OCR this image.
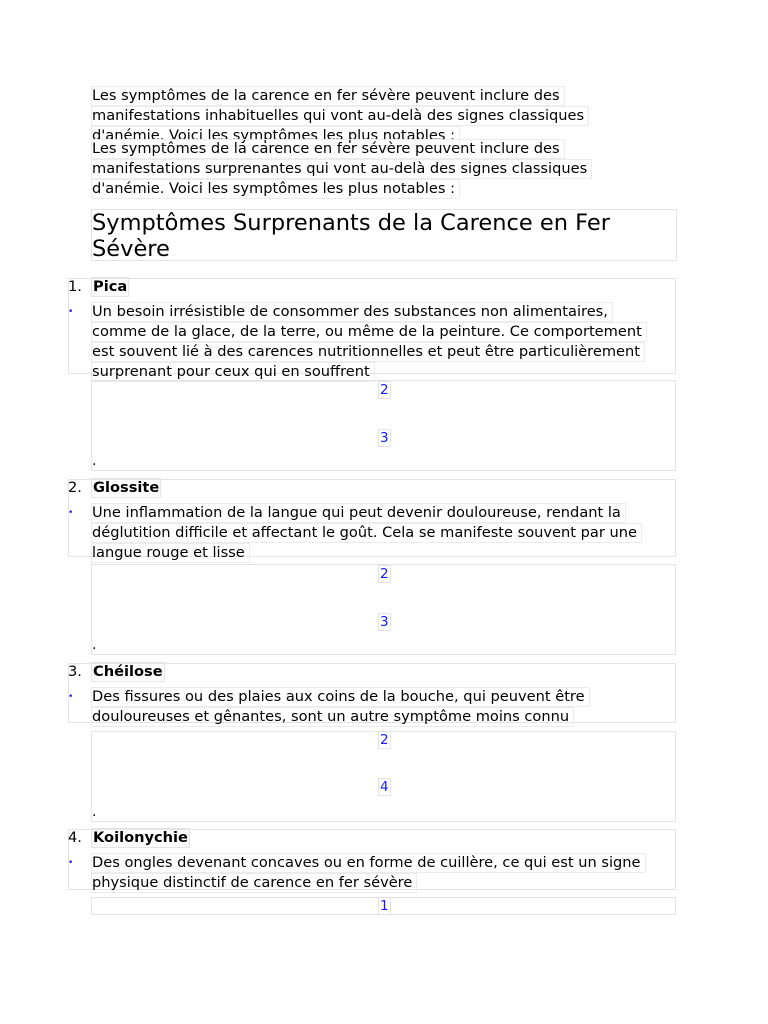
Les symptômes de la carence en fer sévère peuvent inclure des
manifestations inhabituelles qui vont au-delà des signes classiques
d'anémie. Voici les symptômes les plus notables :
Les symptômes de la carence en fer sévère peuvent inclure des
manifestations surprenantes qui vont au-delà des signes classiques
d'anémie. Voici les symptômes les plus notables :
Symptômes Surprenants de la Carence en Fer
Sévère
1. Pica
• Un besoin irrésistible de consommer des substances non alimentaires,
comme de la glace, de la terre, ou même de la peinture. Ce comportement
est souvent lié à des carences nutritionnelles et peut être particulièrement
surprenant pour ceux qui en souffrent
2
3
.
2. Glossite
• Une inflammation de la langue qui peut devenir douloureuse, rendant la
déglutition difficile et affectant le goût. Cela se manifeste souvent par une
langue rouge et lisse
2
3
.
3. Chéilose
• Des fissures ou des plaies aux coins de la bouche, qui peuvent être
douloureuses et gênantes, sont un autre symptôme moins connu
2
4
.
4. Koilonychie
• Des ongles devenant concaves ou en forme de cuillère, ce qui est un signe
physique distinctif de carence en fer sévère
1
